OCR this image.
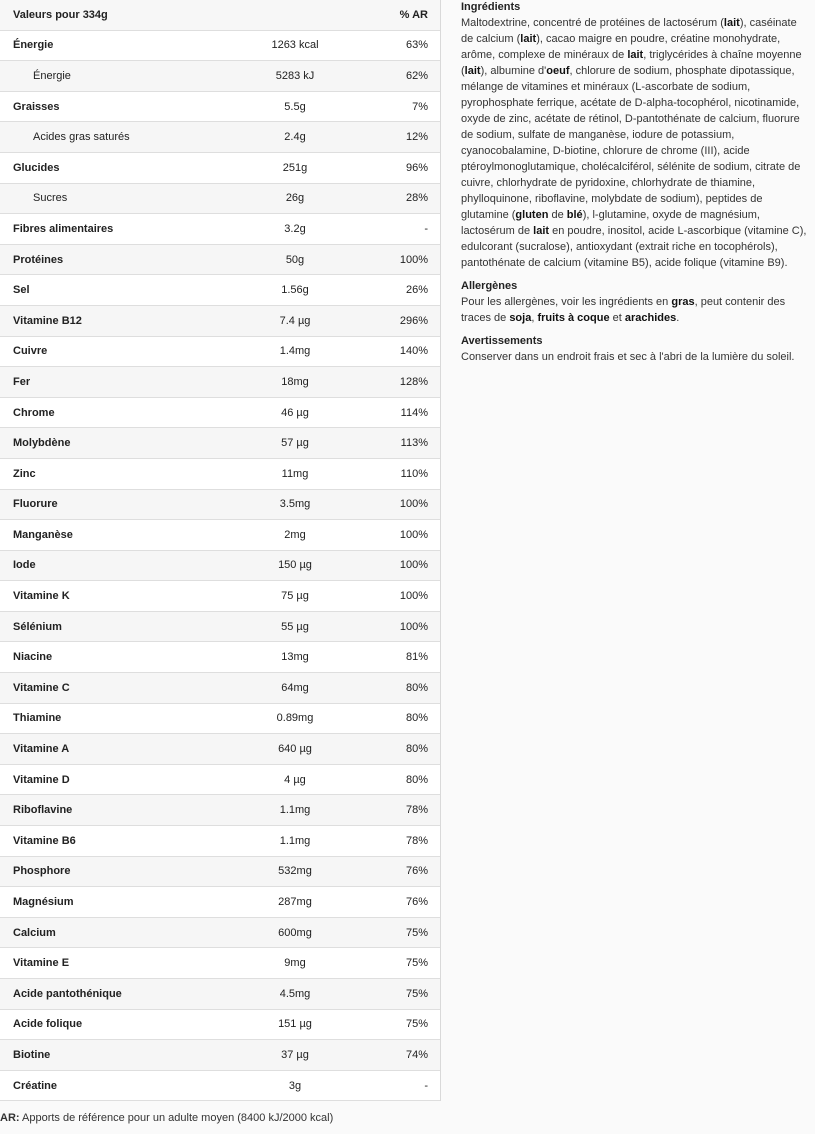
Valeurs pour 334g		% AR
Énergie	1263 kcal	63%
Énergie	5283 kJ	62%
Graisses	5.5g	7%
Acides gras saturés	2.4g	12%
Glucides	251g	96%
Sucres	26g	28%
Fibres alimentaires	3.2g	-
Protéines	50g	100%
Sel	1.56g	26%
Vitamine B12	7.4 µg	296%
Cuivre	1.4mg	140%
Fer	18mg	128%
Chrome	46 µg	114%
Molybdène	57 µg	113%
Zinc	11mg	110%
Fluorure	3.5mg	100%
Manganèse	2mg	100%
Iode	150 µg	100%
Vitamine K	75 µg	100%
Sélénium	55 µg	100%
Niacine	13mg	81%
Vitamine C	64mg	80%
Thiamine	0.89mg	80%
Vitamine A	640 µg	80%
Vitamine D	4 µg	80%
Riboflavine	1.1mg	78%
Vitamine B6	1.1mg	78%
Phosphore	532mg	76%
Magnésium	287mg	76%
Calcium	600mg	75%
Vitamine E	9mg	75%
Acide pantothénique	4.5mg	75%
Acide folique	151 µg	75%
Biotine	37 µg	74%
Créatine	3g	-
Ingrédients

Maltodextrine, concentré de protéines de lactosérum (lait), caséinate de calcium (lait), cacao maigre en poudre, créatine monohydrate, arôme, complexe de minéraux de lait, triglycérides à chaîne moyenne (lait), albumine d'oeuf, chlorure de sodium, phosphate dipotassique, mélange de vitamines et minéraux (L-ascorbate de sodium, pyrophosphate ferrique, acétate de D-alpha-tocophérol, nicotinamide, oxyde de zinc, acétate de rétinol, D-pantothénate de calcium, fluorure de sodium, sulfate de manganèse, iodure de potassium, cyanocobalamine, D-biotine, chlorure de chrome (III), acide ptéroylmonoglutamique, cholécalciférol, sélénite de sodium, citrate de cuivre, chlorhydrate de pyridoxine, chlorhydrate de thiamine, phylloquinone, riboflavine, molybdate de sodium), peptides de glutamine (gluten de blé), l-glutamine, oxyde de magnésium, lactosérum de lait en poudre, inositol, acide L-ascorbique (vitamine C), edulcorant (sucralose), antioxydant (extrait riche en tocophérols), pantothénate de calcium (vitamine B5), acide folique (vitamine B9).

Allergènes

Pour les allergènes, voir les ingrédients en gras, peut contenir des traces de soja, fruits à coque et arachides.

Avertissements

Conserver dans un endroit frais et sec à l'abri de la lumière du soleil.

AR: Apports de référence pour un adulte moyen (8400 kJ/2000 kcal)
